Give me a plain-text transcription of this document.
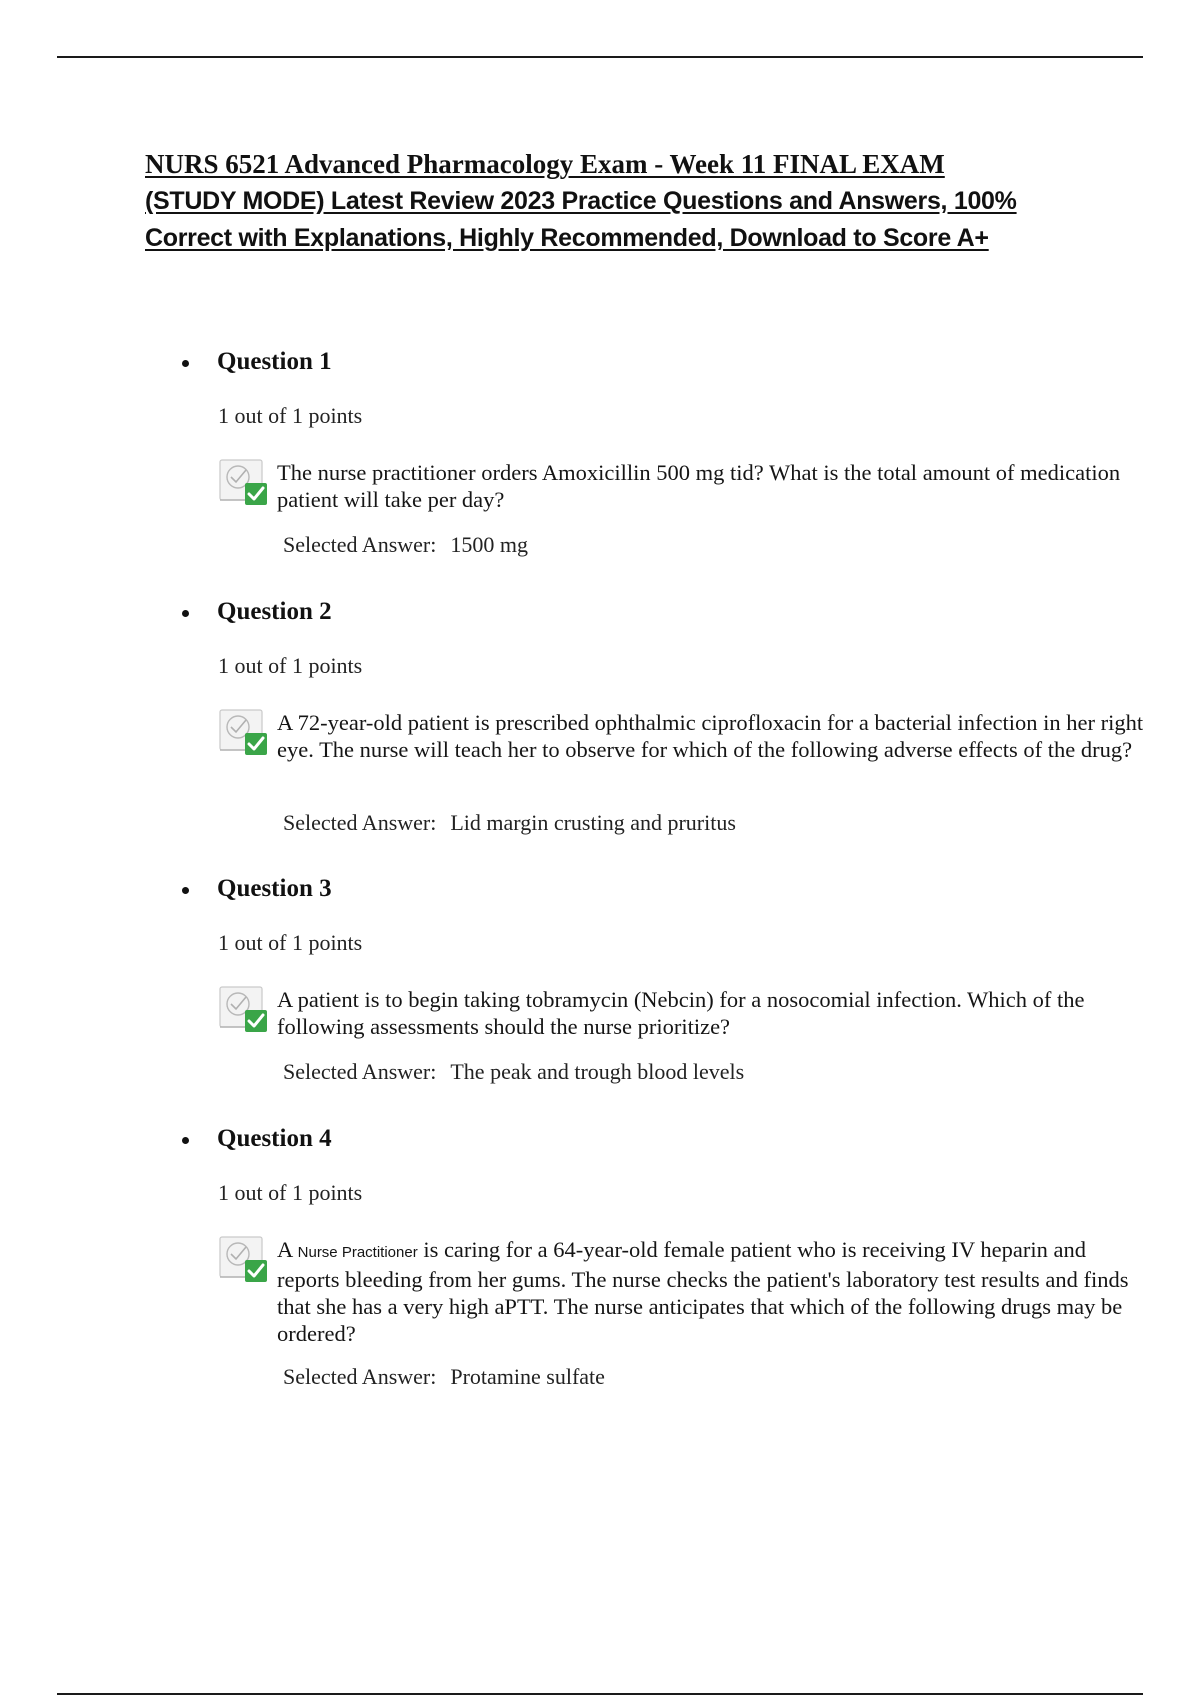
NURS 6521 Advanced Pharmacology Exam - Week 11 FINAL EXAM
(STUDY MODE) Latest Review 2023 Practice Questions and Answers, 100% Correct with Explanations, Highly Recommended, Download to Score A+
Question 1
1 out of 1 points
The nurse practitioner orders Amoxicillin 500 mg tid? What is the total amount of medication patient will take per day?
Selected Answer: 1500 mg
Question 2
1 out of 1 points
A 72-year-old patient is prescribed ophthalmic ciprofloxacin for a bacterial infection in her right eye. The nurse will teach her to observe for which of the following adverse effects of the drug?
Selected Answer: Lid margin crusting and pruritus
Question 3
1 out of 1 points
A patient is to begin taking tobramycin (Nebcin) for a nosocomial infection. Which of the following assessments should the nurse prioritize?
Selected Answer: The peak and trough blood levels
Question 4
1 out of 1 points
A Nurse Practitioner is caring for a 64-year-old female patient who is receiving IV heparin and reports bleeding from her gums. The nurse checks the patient's laboratory test results and finds that she has a very high aPTT. The nurse anticipates that which of the following drugs may be ordered?
Selected Answer: Protamine sulfate
